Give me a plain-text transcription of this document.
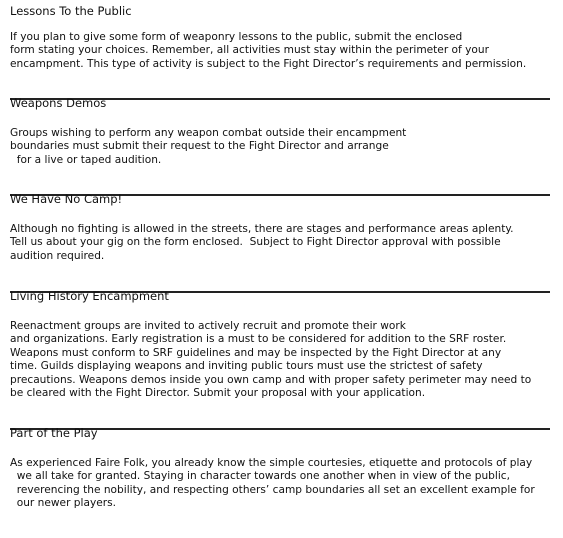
Lessons To the Public
If you plan to give some form of weaponry lessons to the public, submit the enclosed
form stating your choices. Remember, all activities must stay within the perimeter of your
encampment. This type of activity is subject to the Fight Director’s requirements and permission.
Weapons Demos
Groups wishing to perform any weapon combat outside their encampment
boundaries must submit their request to the Fight Director and arrange
for a live or taped audition.
We Have No Camp!
Although no fighting is allowed in the streets, there are stages and performance areas aplenty.
Tell us about your gig on the form enclosed.  Subject to Fight Director approval with possible
audition required.
Living History Encampment
Reenactment groups are invited to actively recruit and promote their work
and organizations. Early registration is a must to be considered for addition to the SRF roster.
Weapons must conform to SRF guidelines and may be inspected by the Fight Director at any
time. Guilds displaying weapons and inviting public tours must use the strictest of safety
precautions. Weapons demos inside you own camp and with proper safety perimeter may need to
be cleared with the Fight Director. Submit your proposal with your application.
Part of the Play
As experienced Faire Folk, you already know the simple courtesies, etiquette and protocols of play
we all take for granted. Staying in character towards one another when in view of the public,
reverencing the nobility, and respecting others’ camp boundaries all set an excellent example for
our newer players.
